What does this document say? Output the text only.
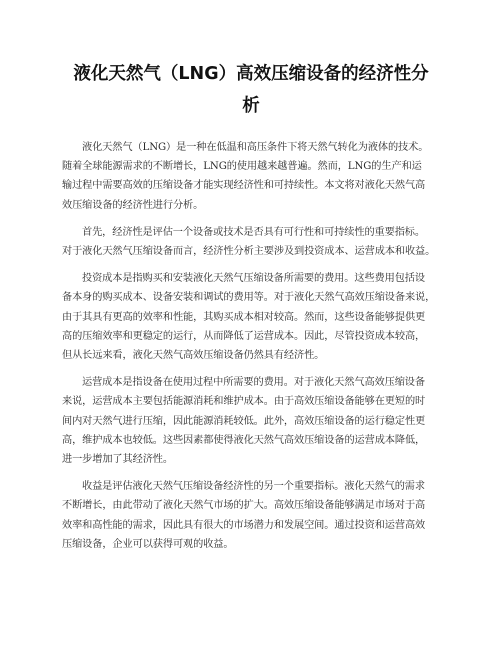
液化天然气（LNG）高效压缩设备的经济性分
析
液化天然气（LNG）是一种在低温和高压条件下将天然气转化为液体的技术。
随着全球能源需求的不断增长，LNG的使用越来越普遍。然而，LNG的生产和运
输过程中需要高效的压缩设备才能实现经济性和可持续性。本文将对液化天然气高
效压缩设备的经济性进行分析。
首先，经济性是评估一个设备或技术是否具有可行性和可持续性的重要指标。
对于液化天然气压缩设备而言，经济性分析主要涉及到投资成本、运营成本和收益。
投资成本是指购买和安装液化天然气压缩设备所需要的费用。这些费用包括设
备本身的购买成本、设备安装和调试的费用等。对于液化天然气高效压缩设备来说，
由于其具有更高的效率和性能，其购买成本相对较高。然而，这些设备能够提供更
高的压缩效率和更稳定的运行，从而降低了运营成本。因此，尽管投资成本较高，
但从长远来看，液化天然气高效压缩设备仍然具有经济性。
运营成本是指设备在使用过程中所需要的费用。对于液化天然气高效压缩设备
来说，运营成本主要包括能源消耗和维护成本。由于高效压缩设备能够在更短的时
间内对天然气进行压缩，因此能源消耗较低。此外，高效压缩设备的运行稳定性更
高，维护成本也较低。这些因素都使得液化天然气高效压缩设备的运营成本降低，
进一步增加了其经济性。
收益是评估液化天然气压缩设备经济性的另一个重要指标。液化天然气的需求
不断增长，由此带动了液化天然气市场的扩大。高效压缩设备能够满足市场对于高
效率和高性能的需求，因此具有很大的市场潜力和发展空间。通过投资和运营高效
压缩设备，企业可以获得可观的收益。
